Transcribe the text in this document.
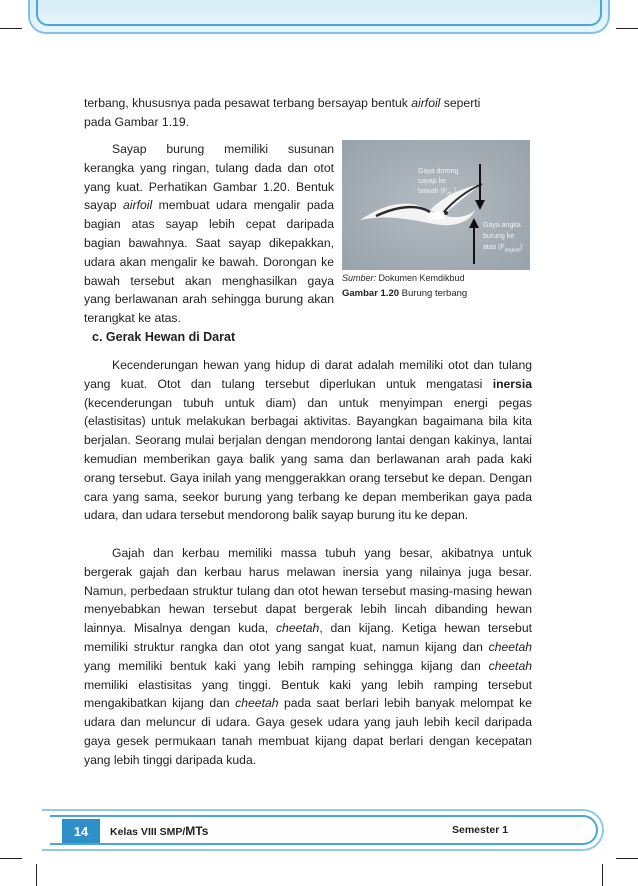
terbang, khususnya pada pesawat terbang bersayap bentuk airfoil seperti

pada Gambar 1.19.

Sayap burung memiliki susunan kerangka yang ringan, tulang dada dan otot yang kuat. Perhatikan Gambar 1.20. Bentuk sayap airfoil membuat udara mengalir pada bagian atas sayap lebih cepat daripada bagian bawahnya. Saat sayap dikepakkan, udara akan mengalir ke bawah. Dorongan ke bawah tersebut akan menghasilkan gaya yang berlawanan arah sehingga burung akan terangkat ke atas.

Gaya dorong
sayap ke
bawah $(F_{dor})$
Gaya angka
burung ke
atas $(F_{angkat})$
Sumber: Dokumen Kemdikbud
Gambar 1.20 Burung terbang
c. Gerak Hewan di Darat

Kecenderungan hewan yang hidup di darat adalah memiliki otot dan tulang yang kuat. Otot dan tulang tersebut diperlukan untuk mengatasi inersia (kecenderungan tubuh untuk diam) dan untuk menyimpan energi pegas (elastisitas) untuk melakukan berbagai aktivitas. Bayangkan bagaimana bila kita berjalan. Seorang mulai berjalan dengan mendorong lantai dengan kakinya, lantai kemudian memberikan gaya balik yang sama dan berlawanan arah pada kaki orang tersebut. Gaya inilah yang menggerakkan orang tersebut ke depan. Dengan cara yang sama, seekor burung yang terbang ke depan memberikan gaya pada udara, dan udara tersebut mendorong balik sayap burung itu ke depan.

Gajah dan kerbau memiliki massa tubuh yang besar, akibatnya untuk bergerak gajah dan kerbau harus melawan inersia yang nilainya juga besar. Namun, perbedaan struktur tulang dan otot hewan tersebut masing-masing hewan menyebabkan hewan tersebut dapat bergerak lebih lincah dibanding hewan lainnya. Misalnya dengan kuda, cheetah, dan kijang. Ketiga hewan tersebut memiliki struktur rangka dan otot yang sangat kuat, namun kijang dan cheetah yang memiliki bentuk kaki yang lebih ramping sehingga kijang dan cheetah memiliki elastisitas yang tinggi. Bentuk kaki yang lebih ramping tersebut mengakibatkan kijang dan cheetah pada saat berlari lebih banyak melompat ke udara dan meluncur di udara. Gaya gesek udara yang jauh lebih kecil daripada gaya gesek permukaan tanah membuat kijang dapat berlari dengan kecepatan yang lebih tinggi daripada kuda.

14	Kelas VIII SMP/MTs	Semester 1
